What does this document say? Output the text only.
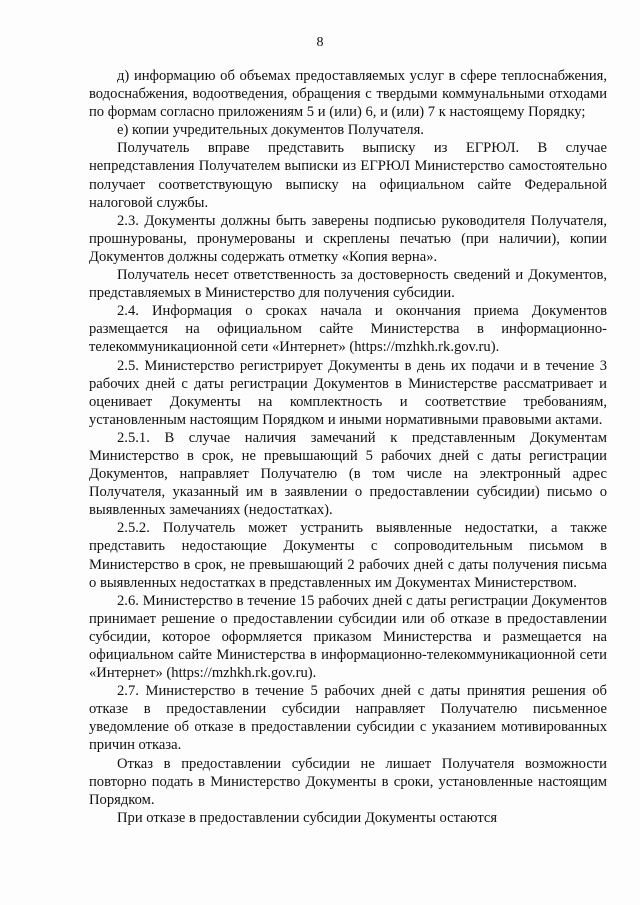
8

д) информацию об объемах предоставляемых услуг в сфере теплоснабжения, водоснабжения, водоотведения, обращения с твердыми коммунальными отходами по формам согласно приложениям 5 и (или) 6, и (или) 7 к настоящему Порядку;

е) копии учредительных документов Получателя.

Получатель вправе представить выписку из ЕГРЮЛ. В случае непредставления Получателем выписки из ЕГРЮЛ Министерство самостоятельно получает соответствующую выписку на официальном сайте Федеральной налоговой службы.

2.3. Документы должны быть заверены подписью руководителя Получателя, прошнурованы, пронумерованы и скреплены печатью (при наличии), копии Документов должны содержать отметку «Копия верна».

Получатель несет ответственность за достоверность сведений и Документов, представляемых в Министерство для получения субсидии.

2.4. Информация о сроках начала и окончания приема Документов размещается на официальном сайте Министерства в информационно-телекоммуникационной сети «Интернет» (https://mzhkh.rk.gov.ru).

2.5. Министерство регистрирует Документы в день их подачи и в течение 3 рабочих дней с даты регистрации Документов в Министерстве рассматривает и оценивает Документы на комплектность и соответствие требованиям, установленным настоящим Порядком и иными нормативными правовыми актами.

2.5.1. В случае наличия замечаний к представленным Документам Министерство в срок, не превышающий 5 рабочих дней с даты регистрации Документов, направляет Получателю (в том числе на электронный адрес Получателя, указанный им в заявлении о предоставлении субсидии) письмо о выявленных замечаниях (недостатках).

2.5.2. Получатель может устранить выявленные недостатки, а также представить недостающие Документы с сопроводительным письмом в Министерство в срок, не превышающий 2 рабочих дней с даты получения письма о выявленных недостатках в представленных им Документах Министерством.

2.6. Министерство в течение 15 рабочих дней с даты регистрации Документов принимает решение о предоставлении субсидии или об отказе в предоставлении субсидии, которое оформляется приказом Министерства и размещается на официальном сайте Министерства в информационно-телекоммуникационной сети «Интернет» (https://mzhkh.rk.gov.ru).

2.7. Министерство в течение 5 рабочих дней с даты принятия решения об отказе в предоставлении субсидии направляет Получателю письменное уведомление об отказе в предоставлении субсидии с указанием мотивированных причин отказа.

Отказ в предоставлении субсидии не лишает Получателя возможности повторно подать в Министерство Документы в сроки, установленные настоящим Порядком.

При отказе в предоставлении субсидии Документы остаются
